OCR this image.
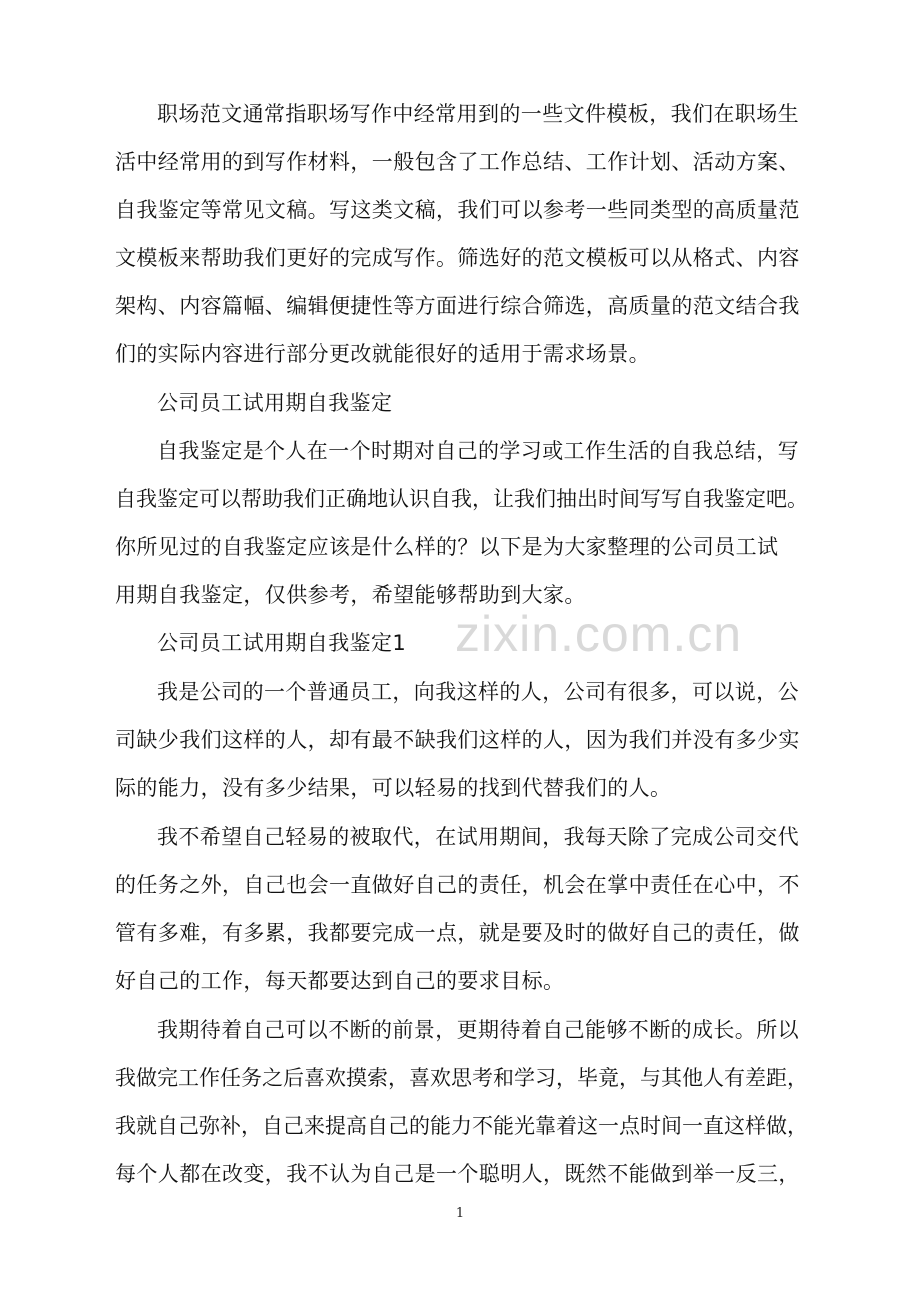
zixin.com.cn
职场范文通常指职场写作中经常用到的一些文件模板，我们在职场生
活中经常用的到写作材料，一般包含了工作总结、工作计划、活动方案、
自我鉴定等常见文稿。写这类文稿，我们可以参考一些同类型的高质量范
文模板来帮助我们更好的完成写作。筛选好的范文模板可以从格式、内容
架构、内容篇幅、编辑便捷性等方面进行综合筛选，高质量的范文结合我
们的实际内容进行部分更改就能很好的适用于需求场景。
公司员工试用期自我鉴定
自我鉴定是个人在一个时期对自己的学习或工作生活的自我总结，写
自我鉴定可以帮助我们正确地认识自我，让我们抽出时间写写自我鉴定吧。
你所见过的自我鉴定应该是什么样的？以下是为大家整理的公司员工试
用期自我鉴定，仅供参考，希望能够帮助到大家。
公司员工试用期自我鉴定1
我是公司的一个普通员工，向我这样的人，公司有很多，可以说，公
司缺少我们这样的人，却有最不缺我们这样的人，因为我们并没有多少实
际的能力，没有多少结果，可以轻易的找到代替我们的人。
我不希望自己轻易的被取代，在试用期间，我每天除了完成公司交代
的任务之外，自己也会一直做好自己的责任，机会在掌中责任在心中，不
管有多难，有多累，我都要完成一点，就是要及时的做好自己的责任，做
好自己的工作，每天都要达到自己的要求目标。
我期待着自己可以不断的前景，更期待着自己能够不断的成长。所以
我做完工作任务之后喜欢摸索，喜欢思考和学习，毕竟，与其他人有差距，
我就自己弥补，自己来提高自己的能力不能光靠着这一点时间一直这样做，
每个人都在改变，我不认为自己是一个聪明人，既然不能做到举一反三，
1
